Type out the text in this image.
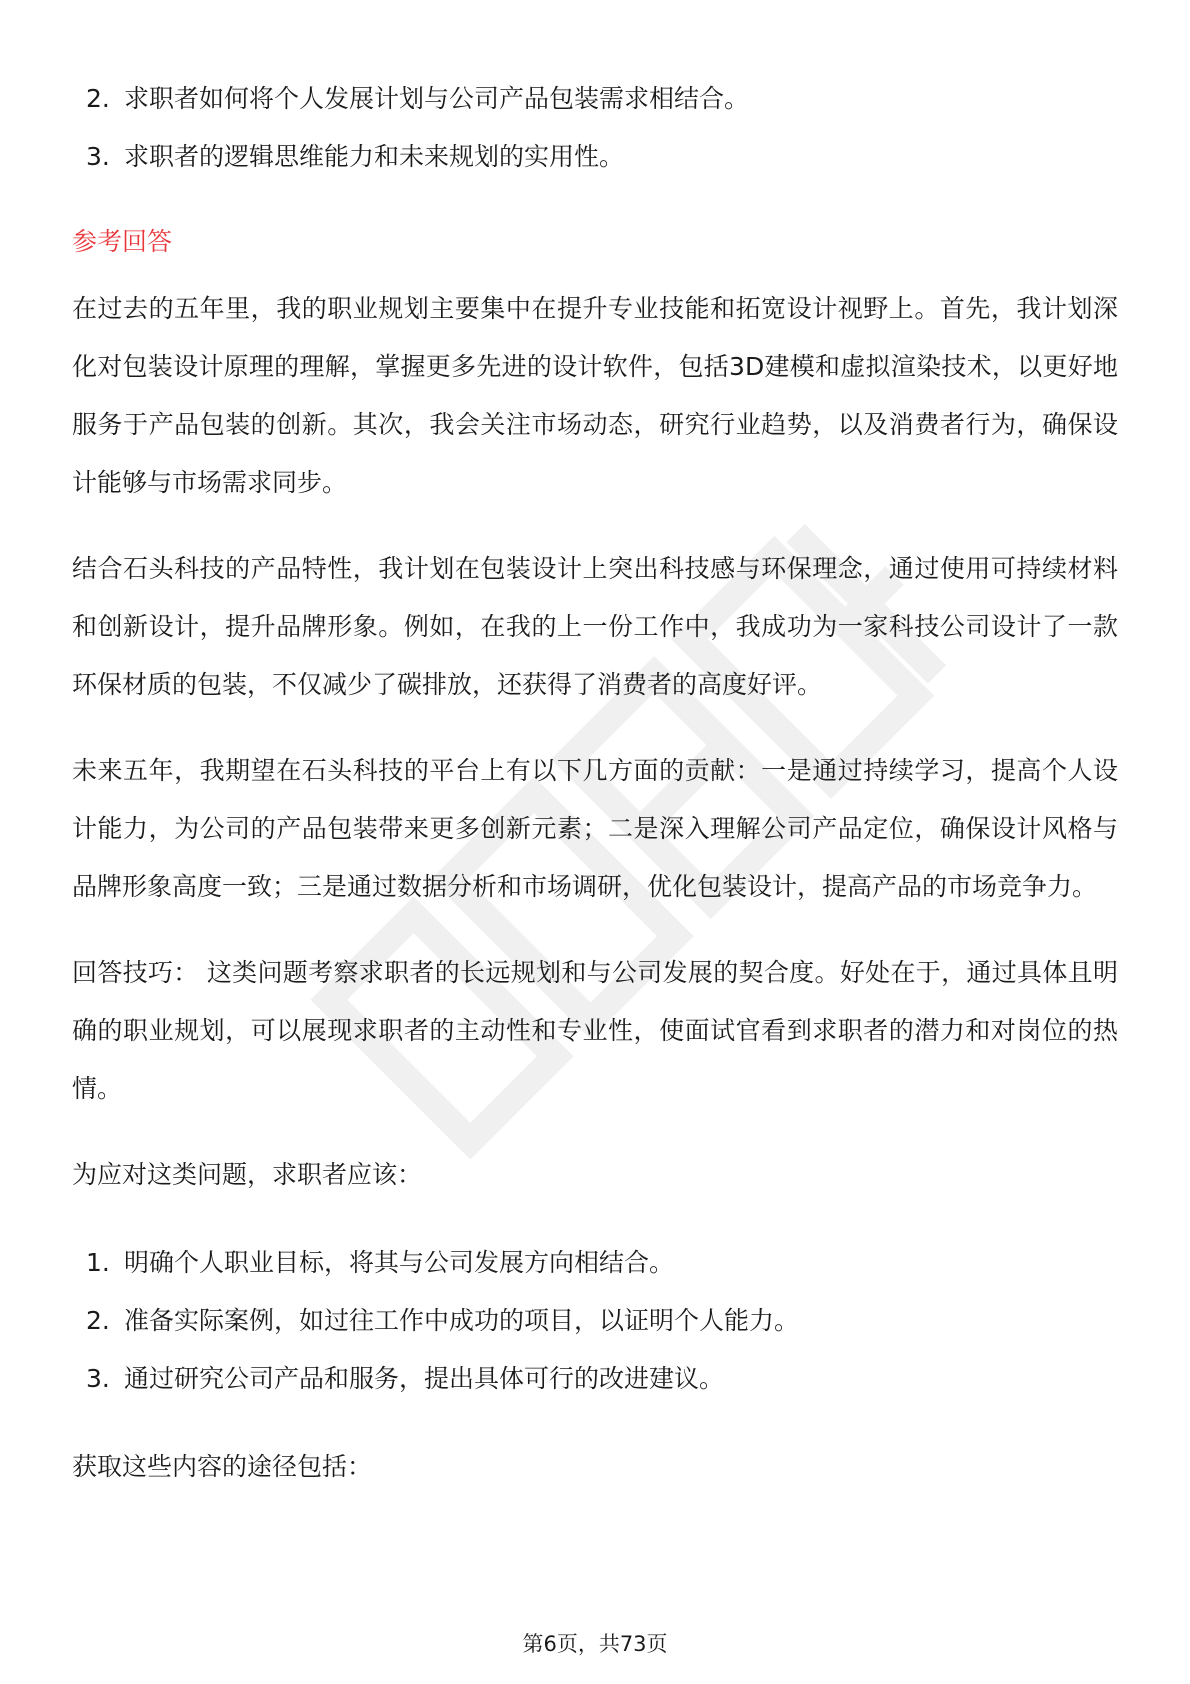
2. 求职者如何将个人发展计划与公司产品包装需求相结合。
3. 求职者的逻辑思维能力和未来规划的实用性。
参考回答

在过去的五年里，我的职业规划主要集中在提升专业技能和拓宽设计视野上。首先，我计划深化对包装设计原理的理解，掌握更多先进的设计软件，包括3D建模和虚拟渲染技术，以更好地服务于产品包装的创新。其次，我会关注市场动态，研究行业趋势，以及消费者行为，确保设计能够与市场需求同步。

结合石头科技的产品特性，我计划在包装设计上突出科技感与环保理念，通过使用可持续材料和创新设计，提升品牌形象。例如，在我的上一份工作中，我成功为一家科技公司设计了一款环保材质的包装，不仅减少了碳排放，还获得了消费者的高度好评。

未来五年，我期望在石头科技的平台上有以下几方面的贡献：一是通过持续学习，提高个人设计能力，为公司的产品包装带来更多创新元素；二是深入理解公司产品定位，确保设计风格与品牌形象高度一致；三是通过数据分析和市场调研，优化包装设计，提高产品的市场竞争力。

回答技巧： 这类问题考察求职者的长远规划和与公司发展的契合度。好处在于，通过具体且明确的职业规划，可以展现求职者的主动性和专业性，使面试官看到求职者的潜力和对岗位的热情。

为应对这类问题，求职者应该：

1. 明确个人职业目标，将其与公司发展方向相结合。
2. 准备实际案例，如过往工作中成功的项目，以证明个人能力。
3. 通过研究公司产品和服务，提出具体可行的改进建议。

获取这些内容的途径包括：

第6页，共73页
